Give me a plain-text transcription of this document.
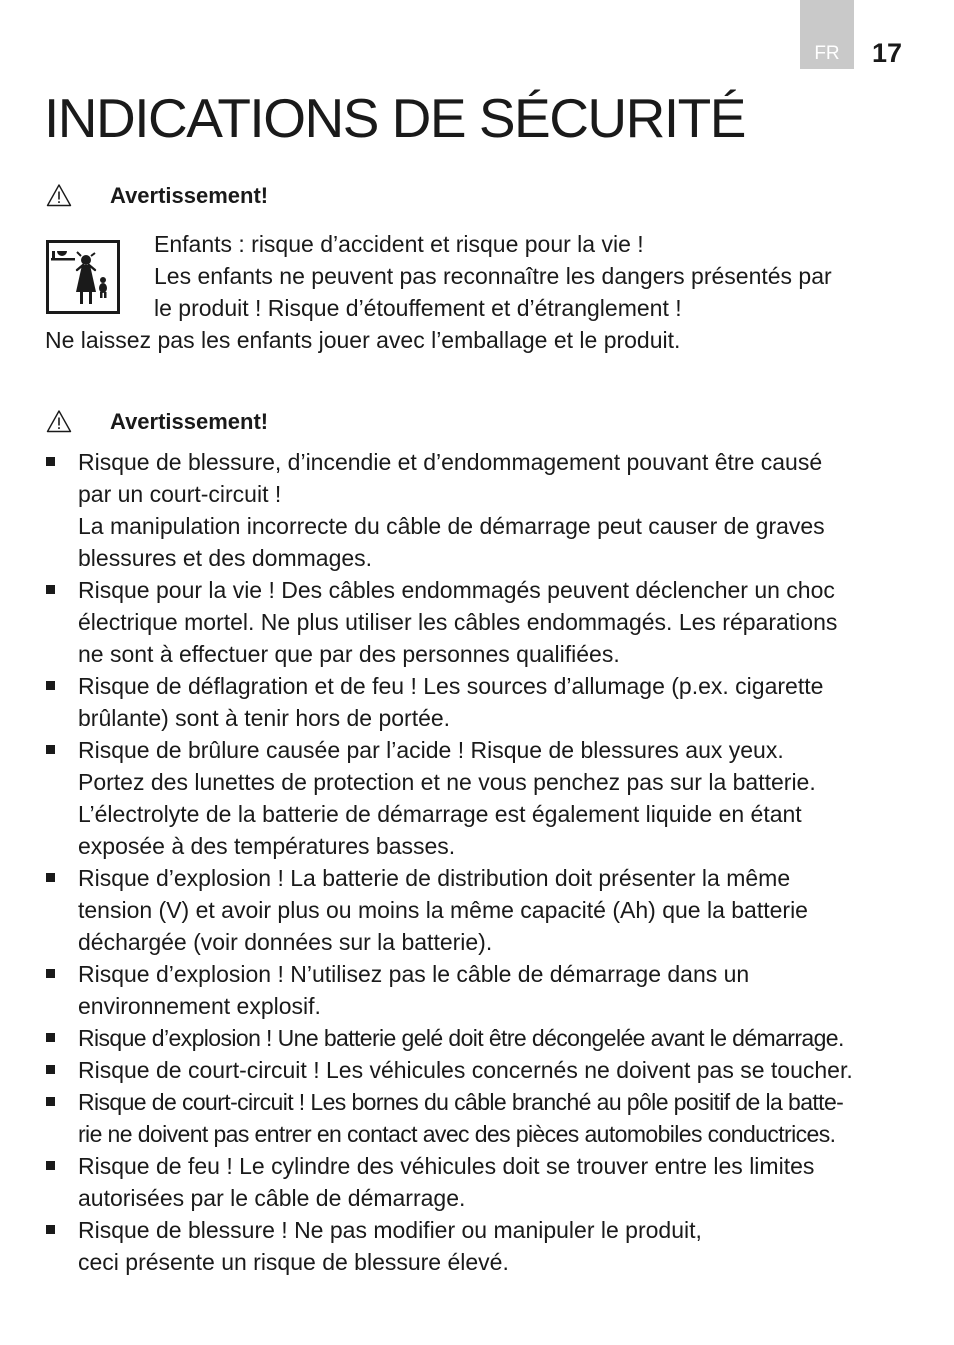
FR	17
INDICATIONS DE SÉCURITÉ
Avertissement!
Enfants : risque d’accident et risque pour la vie !
Les enfants ne peuvent pas reconnaître les dangers présentés par
le produit ! Risque d’étouffement et d’étranglement !
Ne laissez pas les enfants jouer avec l’emballage et le produit.
Avertissement!
Risque de blessure, d’incendie et d’endommagement pouvant être causé
par un court-circuit !
La manipulation incorrecte du câble de démarrage peut causer de graves
blessures et des dommages.
Risque pour la vie ! Des câbles endommagés peuvent déclencher un choc
électrique mortel. Ne plus utiliser les câbles endommagés. Les réparations
ne sont à effectuer que par des personnes qualifiées.
Risque de déflagration et de feu ! Les sources d’allumage (p.ex. cigarette
brûlante) sont à tenir hors de portée.
Risque de brûlure causée par l’acide ! Risque de blessures aux yeux.
Portez des lunettes de protection et ne vous penchez pas sur la batterie.
L’électrolyte de la batterie de démarrage est également liquide en étant
exposée à des températures basses.
Risque d’explosion ! La batterie de distribution doit présenter la même
tension (V) et avoir plus ou moins la même capacité (Ah) que la batterie
déchargée (voir données sur la batterie).
Risque d’explosion ! N’utilisez pas le câble de démarrage dans un
environnement explosif.
Risque d’explosion ! Une batterie gelé doit être décongelée avant le démarrage.
Risque de court-circuit ! Les véhicules concernés ne doivent pas se toucher.
Risque de court-circuit ! Les bornes du câble branché au pôle positif de la batte-
rie ne doivent pas entrer en contact avec des pièces automobiles conductrices.
Risque de feu ! Le cylindre des véhicules doit se trouver entre les limites
autorisées par le câble de démarrage.
Risque de blessure ! Ne pas modifier ou manipuler le produit,
ceci présente un risque de blessure élevé.
